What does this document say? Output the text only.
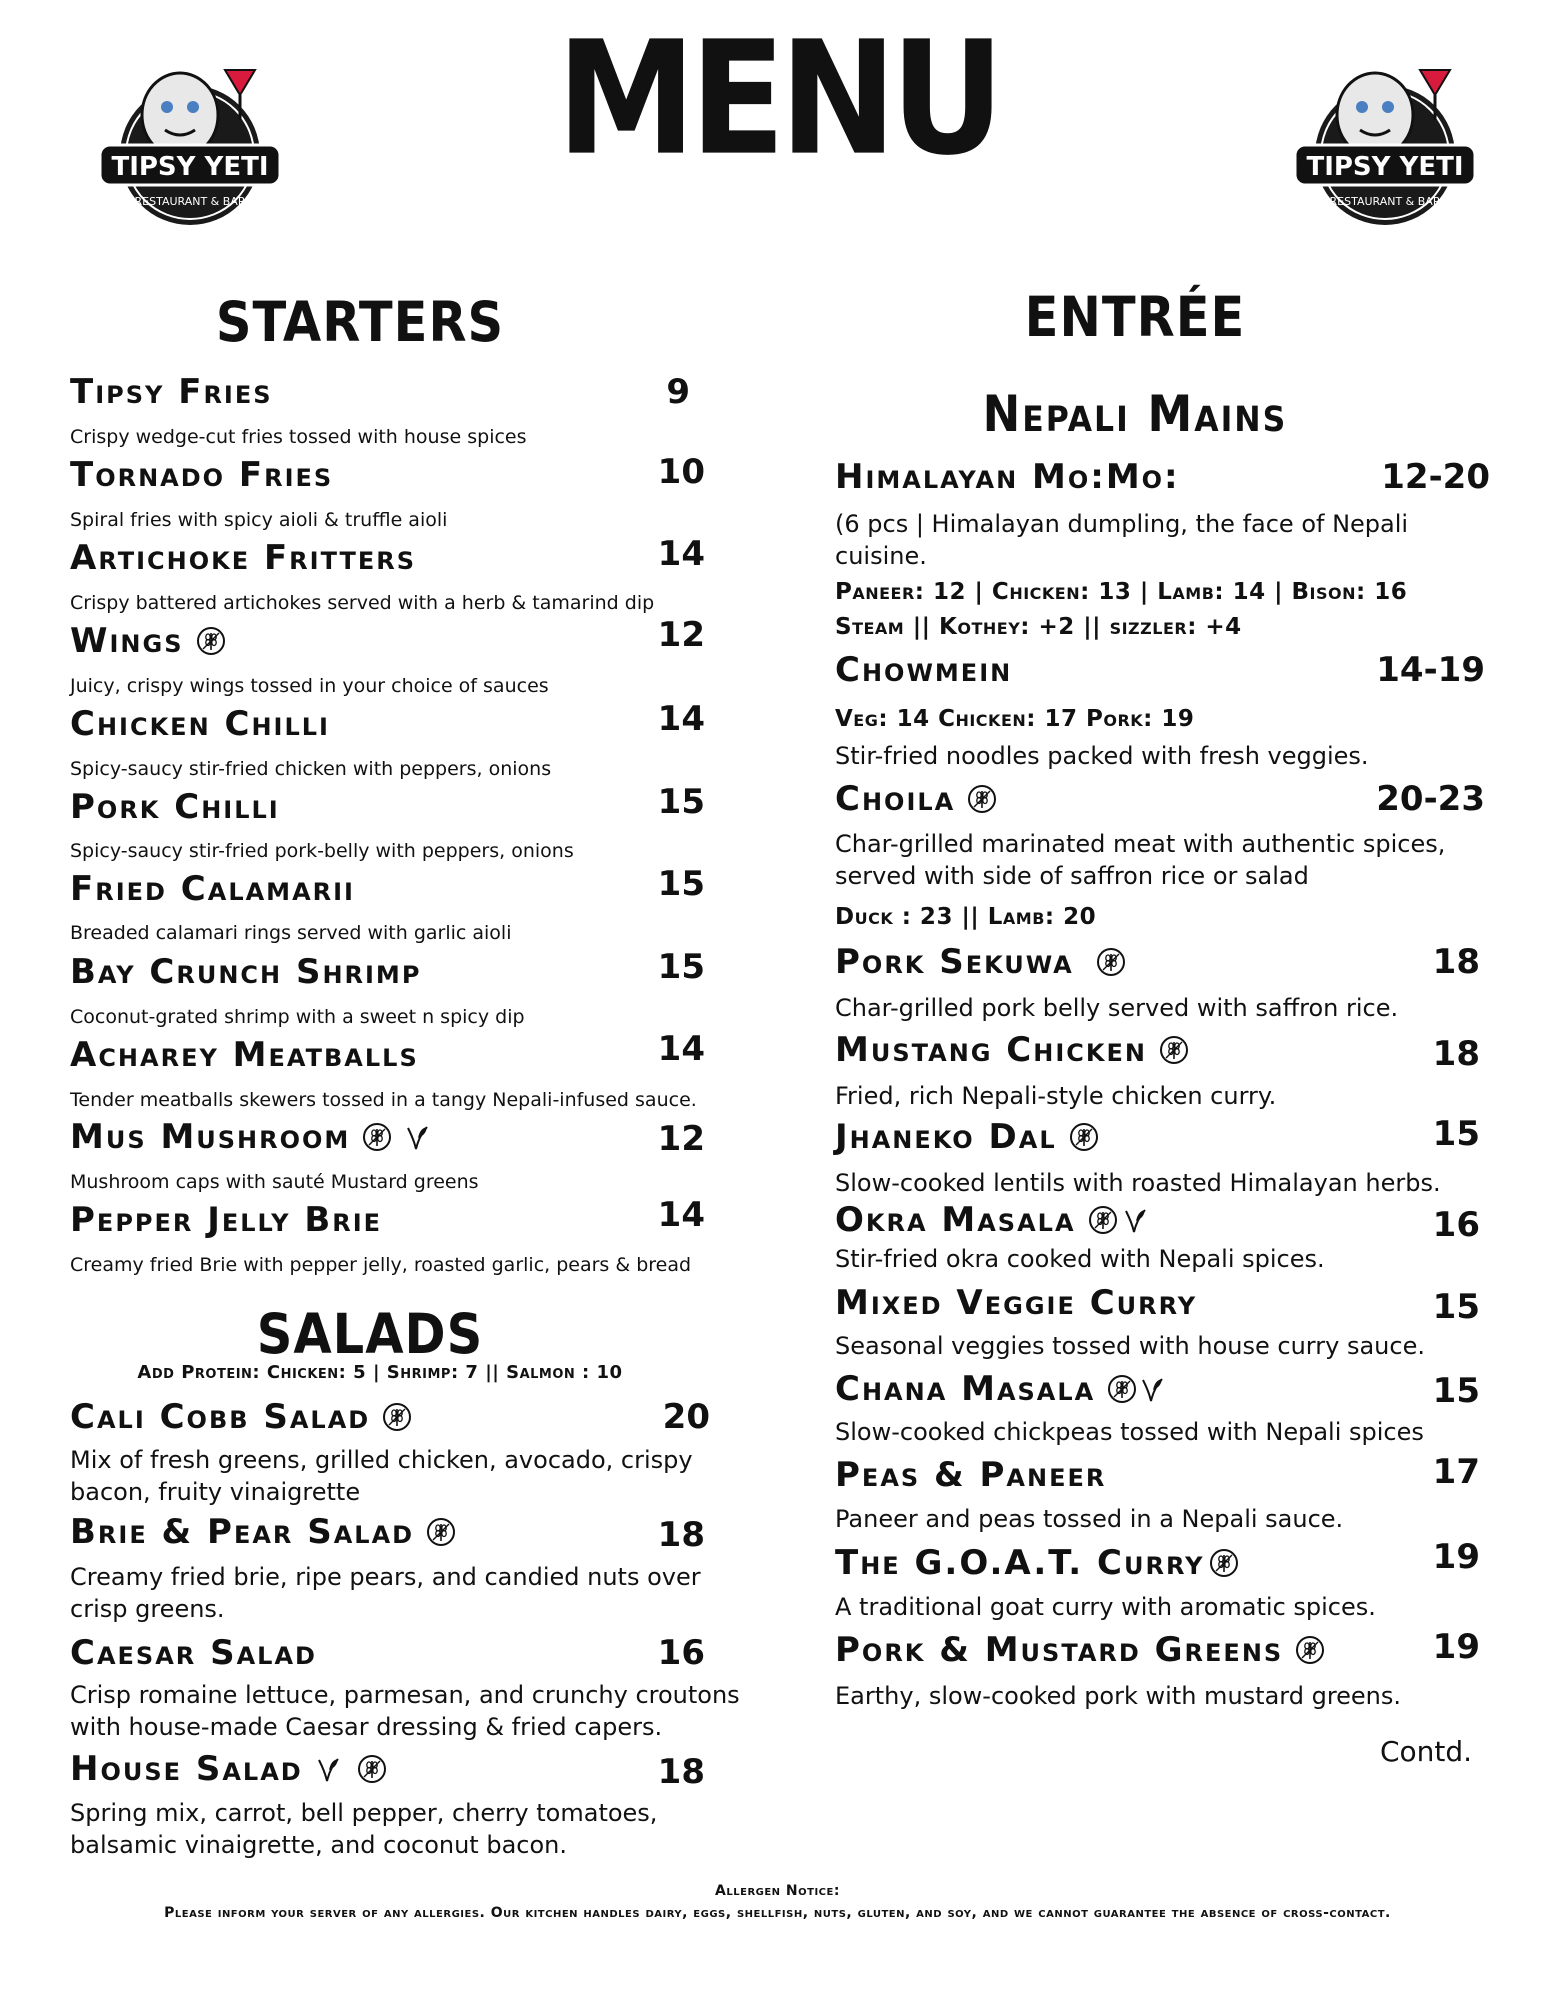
TIPSY YETI
RESTAURANT & BAR
MENU	TIPSY YETI
RESTAURANT & BAR
STARTERS
Tipsy Fries	9
Crispy wedge-cut fries tossed with house spices
Tornado Fries	10
Spiral fries with spicy aioli & truffle aioli
Artichoke Fritters	14
Crispy battered artichokes served with a herb & tamarind dip
Wings	12
Juicy, crispy wings tossed in your choice of sauces
Chicken Chilli	14
Spicy-saucy stir-fried chicken with peppers, onions
Pork Chilli	15
Spicy-saucy stir-fried pork-belly with peppers, onions
Fried Calamarii	15
Breaded calamari rings served with garlic aioli
Bay Crunch Shrimp	15
Coconut-grated shrimp with a sweet n spicy dip
Acharey Meatballs	14
Tender meatballs skewers tossed in a tangy Nepali-infused sauce.
Mus Mushroom	12
Mushroom caps with sauté Mustard greens
Pepper Jelly Brie	14
Creamy fried Brie with pepper jelly, roasted garlic, pears & bread
SALADS
Add Protein: Chicken: 5 | Shrimp: 7 || Salmon : 10
Cali Cobb Salad	20
Mix of fresh greens, grilled chicken, avocado, crispy bacon, fruity vinaigrette
Brie & Pear Salad	18
Creamy fried brie, ripe pears, and candied nuts over crisp greens.
Caesar Salad	16
Crisp romaine lettuce, parmesan, and crunchy croutons with house-made Caesar dressing & fried capers.
House Salad	18
Spring mix, carrot, bell pepper, cherry tomatoes, balsamic vinaigrette, and coconut bacon.
ENTRÉE
Nepali Mains
Himalayan Mo:Mo:	12-20
(6 pcs | Himalayan dumpling, the face of Nepali cuisine.
Paneer: 12 | Chicken: 13 | Lamb: 14 | Bison: 16
Steam || Kothey: +2 || sizzler: +4
Chowmein	14-19
Veg: 14 Chicken: 17 Pork: 19
Stir-fried noodles packed with fresh veggies.
Choila	20-23
Char-grilled marinated meat with authentic spices, served with side of saffron rice or salad
Duck : 23 || Lamb: 20
Pork Sekuwa	18
Char-grilled pork belly served with saffron rice.
Mustang Chicken	18
Fried, rich Nepali-style chicken curry.
Jhaneko Dal	15
Slow-cooked lentils with roasted Himalayan herbs.
Okra Masala	16
Stir-fried okra cooked with Nepali spices.
Mixed Veggie Curry	15
Seasonal veggies tossed with house curry sauce.
Chana Masala	15
Slow-cooked chickpeas tossed with Nepali spices
Peas & Paneer	17
Paneer and peas tossed in a Nepali sauce.
The G.O.A.T. Curry	19
A traditional goat curry with aromatic spices.
Pork & Mustard Greens	19
Earthy, slow-cooked pork with mustard greens.
Contd.
Allergen Notice:
Please inform your server of any allergies. Our kitchen handles dairy, eggs, shellfish, nuts, gluten, and soy, and we cannot guarantee the absence of cross-contact.
